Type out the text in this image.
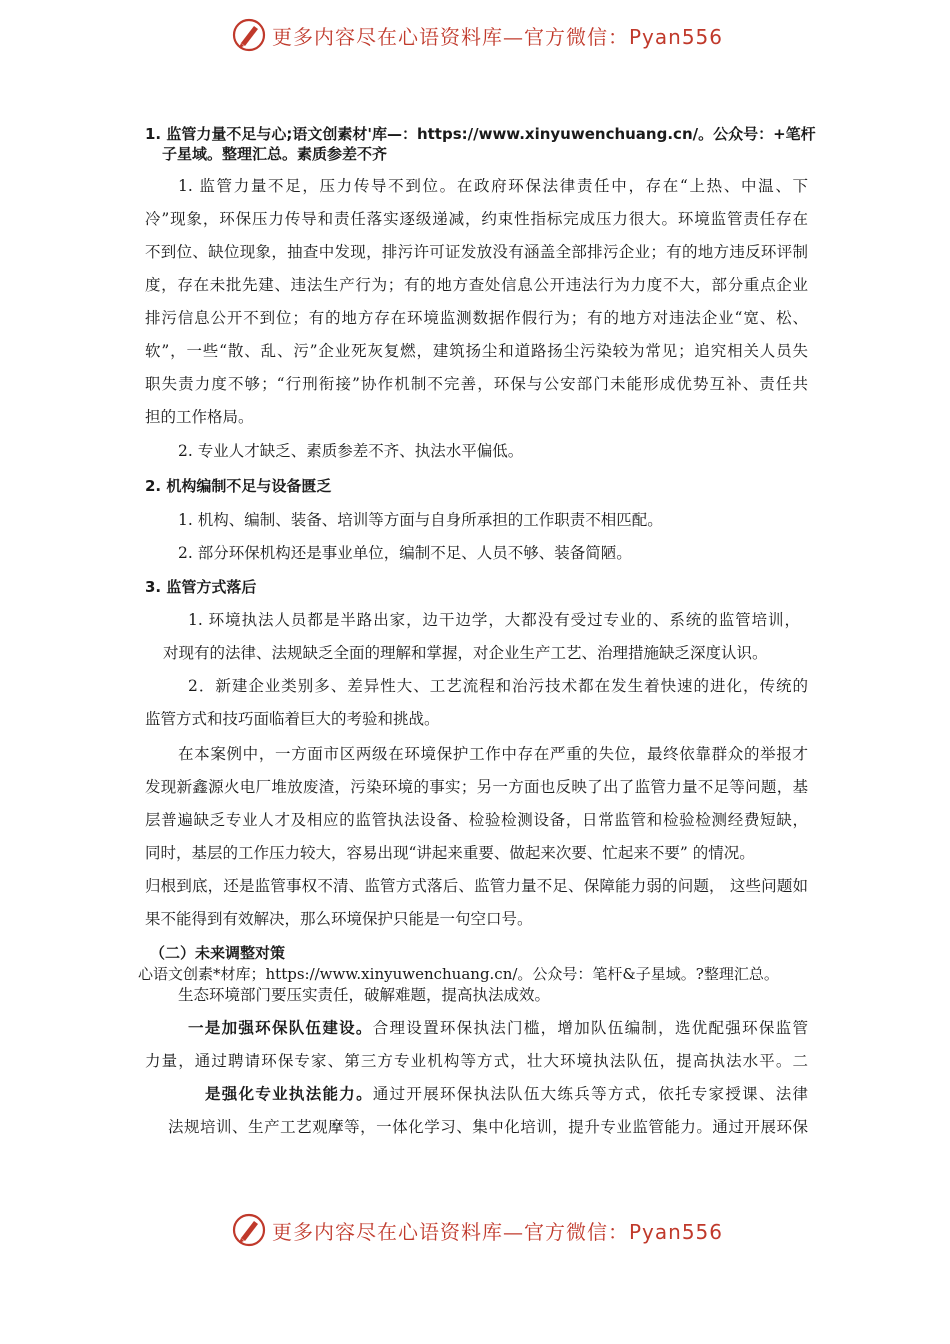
更多内容尽在心语资料库—官方微信：Pyan556
1. 监管力量不足与心;语文创素材'库—：https://www.xinyuwenchuang.cn/。公众号：+笔杆
子星域。整理汇总。素质参差不齐
1. 监管力量不足，压力传导不到位。在政府环保法律责任中，存在“上热、中温、下
冷”现象，环保压力传导和责任落实逐级递减，约束性指标完成压力很大。环境监管责任存在
不到位、缺位现象，抽查中发现，排污许可证发放没有涵盖全部排污企业；有的地方违反环评制
度，存在未批先建、违法生产行为；有的地方查处信息公开违法行为力度不大，部分重点企业
排污信息公开不到位；有的地方存在环境监测数据作假行为；有的地方对违法企业“宽、松、
软”，一些“散、乱、污”企业死灰复燃，建筑扬尘和道路扬尘污染较为常见；追究相关人员失
职失责力度不够；“行刑衔接”协作机制不完善，环保与公安部门未能形成优势互补、责任共
担的工作格局。
2. 专业人才缺乏、素质参差不齐、执法水平偏低。
2. 机构编制不足与设备匮乏
1. 机构、编制、装备、培训等方面与自身所承担的工作职责不相匹配。
2. 部分环保机构还是事业单位，编制不足、人员不够、装备简陋。
3. 监管方式落后
1. 环境执法人员都是半路出家，边干边学，大都没有受过专业的、系统的监管培训，
对现有的法律、法规缺乏全面的理解和掌握，对企业生产工艺、治理措施缺乏深度认识。
2．新建企业类别多、差异性大、工艺流程和治污技术都在发生着快速的进化，传统的
监管方式和技巧面临着巨大的考验和挑战。
在本案例中，一方面市区两级在环境保护工作中存在严重的失位，最终依靠群众的举报才
发现新鑫源火电厂堆放废渣，污染环境的事实；另一方面也反映了出了监管力量不足等问题，基
层普遍缺乏专业人才及相应的监管执法设备、检验检测设备，日常监管和检验检测经费短缺，
同时，基层的工作压力较大，容易出现“讲起来重要、做起来次要、忙起来不要” 的情况。
归根到底，还是监管事权不清、监管方式落后、监管力量不足、保障能力弱的问题， 这些问题如
果不能得到有效解决，那么环境保护只能是一句空口号。
（二）未来调整对策
心语文创素*材库；https://www.xinyuwenchuang.cn/。公众号：笔杆&子星域。?整理汇总。
生态环境部门要压实责任，破解难题，提高执法成效。
一是加强环保队伍建设。合理设置环保执法门槛，增加队伍编制，选优配强环保监管
力量，通过聘请环保专家、第三方专业机构等方式，壮大环境执法队伍，提高执法水平。二
是强化专业执法能力。通过开展环保执法队伍大练兵等方式，依托专家授课、法律
法规培训、生产工艺观摩等，一体化学习、集中化培训，提升专业监管能力。通过开展环保
更多内容尽在心语资料库—官方微信：Pyan556
